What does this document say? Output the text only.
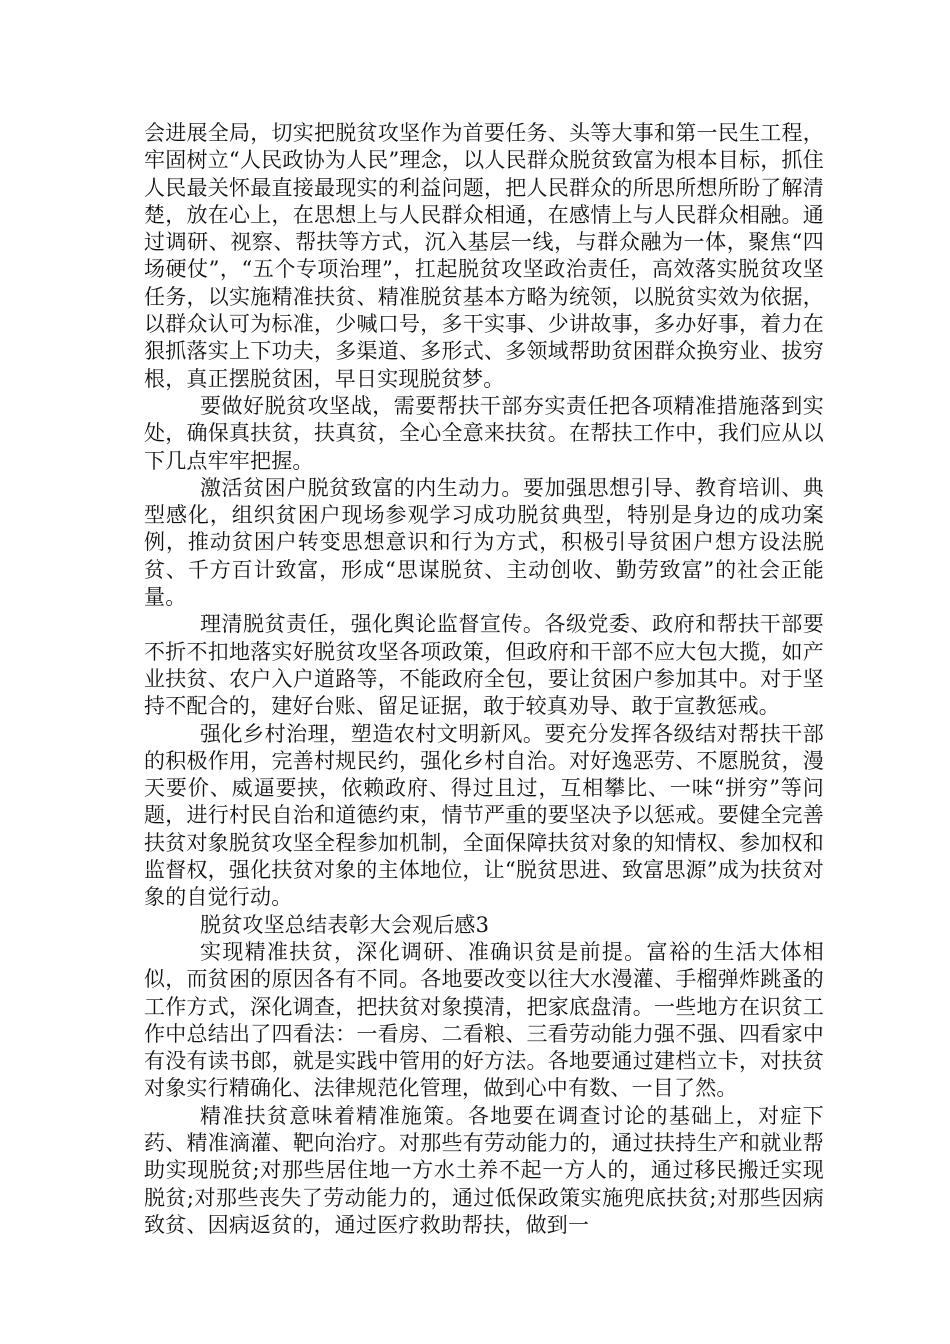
会进展全局，切实把脱贫攻坚作为首要任务、头等大事和第一民生工程，牢固树立“人民政协为人民”理念，以人民群众脱贫致富为根本目标，抓住人民最关怀最直接最现实的利益问题，把人民群众的所思所想所盼了解清楚，放在心上，在思想上与人民群众相通，在感情上与人民群众相融。通过调研、视察、帮扶等方式，沉入基层一线，与群众融为一体，聚焦“四场硬仗”，“五个专项治理”，扛起脱贫攻坚政治责任，高效落实脱贫攻坚任务，以实施精准扶贫、精准脱贫基本方略为统领，以脱贫实效为依据，以群众认可为标准，少喊口号，多干实事、少讲故事，多办好事，着力在狠抓落实上下功夫，多渠道、多形式、多领域帮助贫困群众换穷业、拔穷根，真正摆脱贫困，早日实现脱贫梦。

要做好脱贫攻坚战，需要帮扶干部夯实责任把各项精准措施落到实处，确保真扶贫，扶真贫，全心全意来扶贫。在帮扶工作中，我们应从以下几点牢牢把握。

激活贫困户脱贫致富的内生动力。要加强思想引导、教育培训、典型感化，组织贫困户现场参观学习成功脱贫典型，特别是身边的成功案例，推动贫困户转变思想意识和行为方式，积极引导贫困户想方设法脱贫、千方百计致富，形成“思谋脱贫、主动创收、勤劳致富”的社会正能量。

理清脱贫责任，强化舆论监督宣传。各级党委、政府和帮扶干部要不折不扣地落实好脱贫攻坚各项政策，但政府和干部不应大包大揽，如产业扶贫、农户入户道路等，不能政府全包，要让贫困户参加其中。对于坚持不配合的，建好台账、留足证据，敢于较真劝导、敢于宣教惩戒。

强化乡村治理，塑造农村文明新风。要充分发挥各级结对帮扶干部的积极作用，完善村规民约，强化乡村自治。对好逸恶劳、不愿脱贫，漫天要价、威逼要挟，依赖政府、得过且过，互相攀比、一味“拼穷”等问题，进行村民自治和道德约束，情节严重的要坚决予以惩戒。要健全完善扶贫对象脱贫攻坚全程参加机制，全面保障扶贫对象的知情权、参加权和监督权，强化扶贫对象的主体地位，让“脱贫思进、致富思源”成为扶贫对象的自觉行动。

脱贫攻坚总结表彰大会观后感3

实现精准扶贫，深化调研、准确识贫是前提。富裕的生活大体相似，而贫困的原因各有不同。各地要改变以往大水漫灌、手榴弹炸跳蚤的工作方式，深化调查，把扶贫对象摸清，把家底盘清。一些地方在识贫工作中总结出了四看法：一看房、二看粮、三看劳动能力强不强、四看家中有没有读书郎，就是实践中管用的好方法。各地要通过建档立卡，对扶贫对象实行精确化、法律规范化管理，做到心中有数、一目了然。

精准扶贫意味着精准施策。各地要在调查讨论的基础上，对症下药、精准滴灌、靶向治疗。对那些有劳动能力的，通过扶持生产和就业帮助实现脱贫;对那些居住地一方水土养不起一方人的，通过移民搬迁实现脱贫;对那些丧失了劳动能力的，通过低保政策实施兜底扶贫;对那些因病致贫、因病返贫的，通过医疗救助帮扶，做到一
